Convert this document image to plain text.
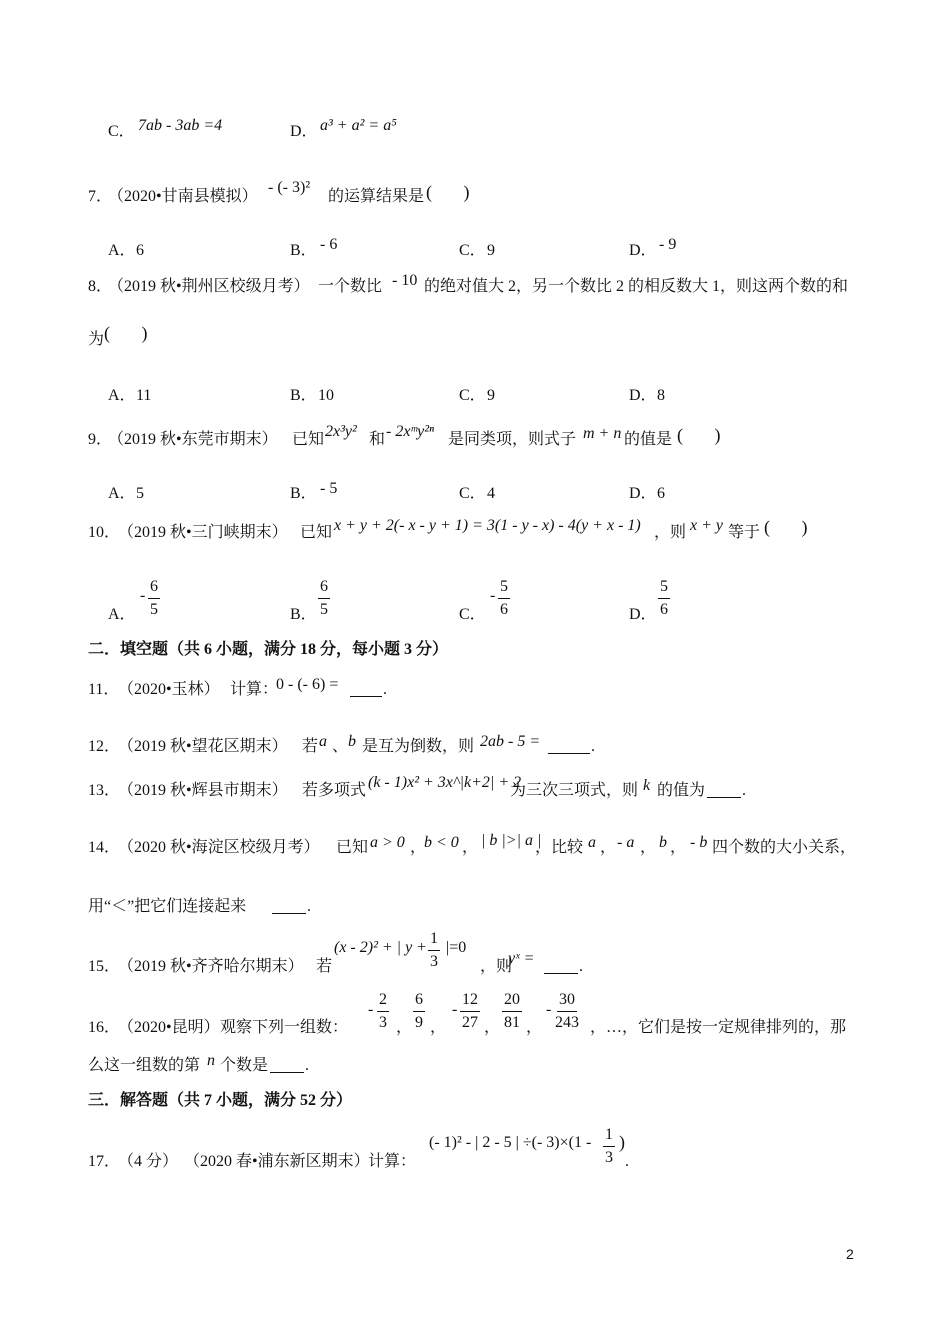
C． 7ab - 3ab =4	D． a³ + a² = a⁵
7．
（2020•甘南县模拟）
- (- 3)²
的运算结果是 (       )
A． 6	B． - 6	C． 9	D． - 9
8．
（2019 秋•荆州区校级月考） 一个数比 - 10 的绝对值大 2，另一个数比 2 的相反数大 1，则这两个数的和
为 (       )
A． 11	B． 10	C． 9	D． 8
9．
（2019 秋•东莞市期末） 已知 2x³y² 和 - 2xᵐy²ⁿ 是同类项，则式子 m + n 的值是 (       )
A． 5	B． - 5	C． 4	D． 6
10．
（2019 秋•三门峡期末） 已知 x + y + 2(- x - y + 1) = 3(1 - y - x) - 4(y + x - 1) ，则 x + y 等于 (       )
A．
- $\frac{6}{5}$	B． $\frac{6}{5}$	C．
- $\frac{5}{6}$	D． $\frac{5}{6}$
二．填空题（共 6 小题，满分 18 分，每小题 3 分）
11．
（2020•玉林） 计算：
0 - (- 6) =	.
12．
（2019 秋•望花区期末） 若 a 、 b 是互为倒数，则 2ab - 5 =	.
13．
（2019 秋•辉县市期末） 若多项式 (k - 1)x² + 3x^|k+2| + 2
为三次三项式，则 k 的值为 .
14．
（2020 秋•海淀区校级月考） 已知 a > 0 ，
b < 0 ， | b |>| a |
，比较 a ， - a ， b ， - b 四个数的大小关系，
用“＜”把它们连接起来	.
15．
（2019 秋•齐齐哈尔期末） 若
(x - 2)² + | $y + \frac{1}{3} |=0$
，则
yˣ =	.
16．
（2020•昆明） 观察下列一组数：
- $\frac{2}{3}$ ， $\frac{6}{9}$ ，
- $\frac{12}{27}$ ， $\frac{20}{81}$ ，
- $\frac{30}{243}$ ，…，它们是按一定规律排列的，那
么这一组数的第 n 个数是 .
三．解答题（共 7 小题，满分 52 分）
17．
（4 分） （2020 春•浦东新区期末）
计算：
(- 1)² - | 2 - 5 | ÷(- $3)\times(1 - \frac{1}{3}$ )
.
2
